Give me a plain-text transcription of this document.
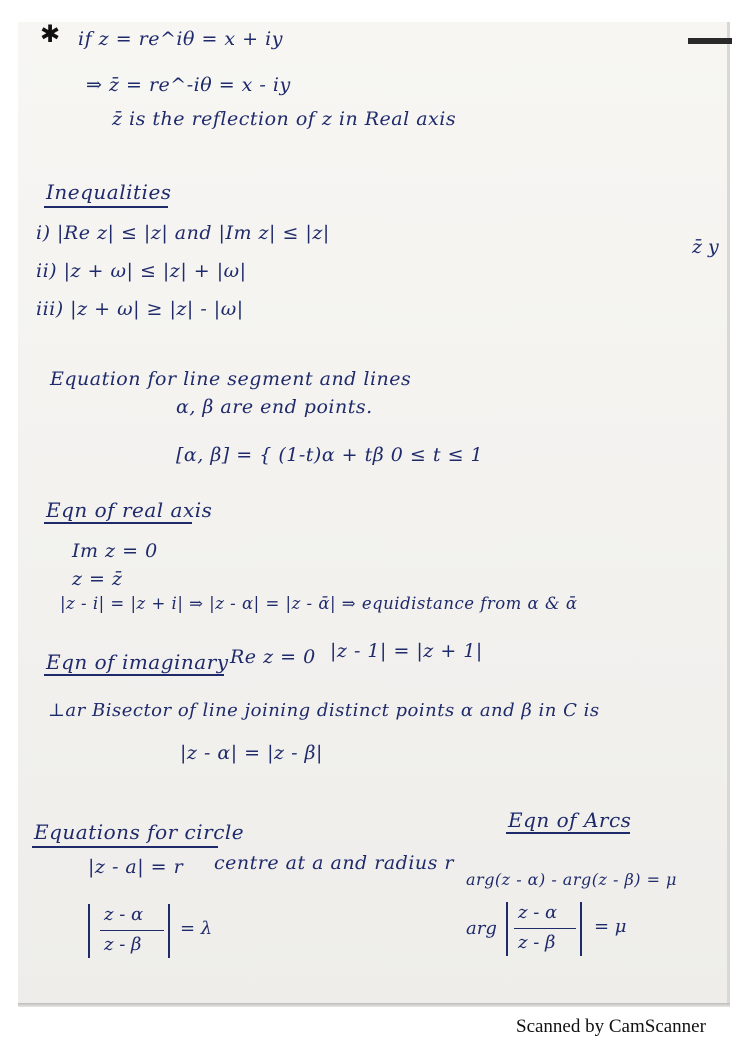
✱ if z = re^iθ = x + iy
⇒ z̄ = re^-iθ = x - iy
z̄ is the reflection of z in Real axis
Inequalities
i) |Re z| ≤ |z| and |Im z| ≤ |z|
ii) |z + ω| ≤ |z| + |ω|
iii) |z + ω| ≥ |z| - |ω|
z̄ y
Equation for line segment and lines
α, β are end points.
[α, β] = { (1-t)α + tβ 0 ≤ t ≤ 1
Eqn of real axis
Im z = 0
z = z̄
|z - i| = |z + i| ⇒ |z - α| = |z - ᾱ| ⇒ equidistance from α & ᾱ
Eqn of imaginary Re z = 0 |z - 1| = |z + 1|
⊥ar Bisector of line joining distinct points α and β in C is
|z - α| = |z - β|
Equations for circle
|z - a| = r centre at a and radius r
z - α
z - β
= λ
Eqn of Arcs
arg(z - α) - arg(z - β) = μ
arg
z - α
z - β
= μ
Scanned by CamScanner
